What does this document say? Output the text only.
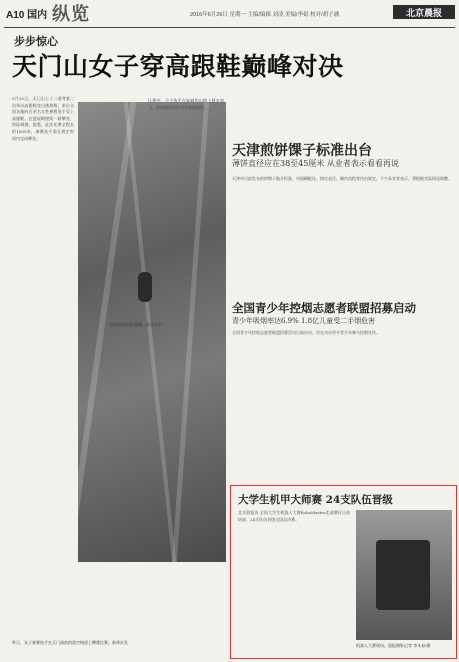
A10 国内 纵览	2016年6月26日 星期一 主编/编辑 刘凌 美编/李娟 校对/胡子涵	北京晨报
步步惊心
天门山女子穿高跟鞋巅峰对决
5月25日，天门山七十二道弯第二次举办高跟鞋登山挑战赛，来自全国各地的百余名女性参赛选手穿上高跟鞋，在悬崖峭壁间一路攀登，惊险刺激。据悉，此次比赛全程长约1000米，参赛选手需在规定时间内完成攀登。
活动现场惊险刺激。新华社发
昨日，女子参赛选手在天门洞前的悬空栈道上攀爬比赛。新华社发
比赛中，不少选手在陡峭的山路上健步如飞，现场观众纷纷为其加油喝彩。
天津煎饼馃子标准出台
薄饼直径应在38至45厘米 从业者表示看看再说
天津市日前发布煎饼馃子地方标准，对面糊配比、饼皮直径、制作流程等作出规定。不少从业者表示，将根据实际情况调整。
全国青少年控烟志愿者联盟招募启动
青少年吸烟率达6.9% 1.8亿儿童受二手烟危害
全国青少年控烟志愿者联盟招募活动日前启动，旨在动员更多青少年参与控烟宣传。
大学生机甲大师赛 24支队伍晋级
北京晨报讯 全国大学生机器人大赛RoboMaster北部赛区日前结束，24支队伍晋级全国总决赛。
机器人大赛现场。晨报摄影记者 李木易/摄
